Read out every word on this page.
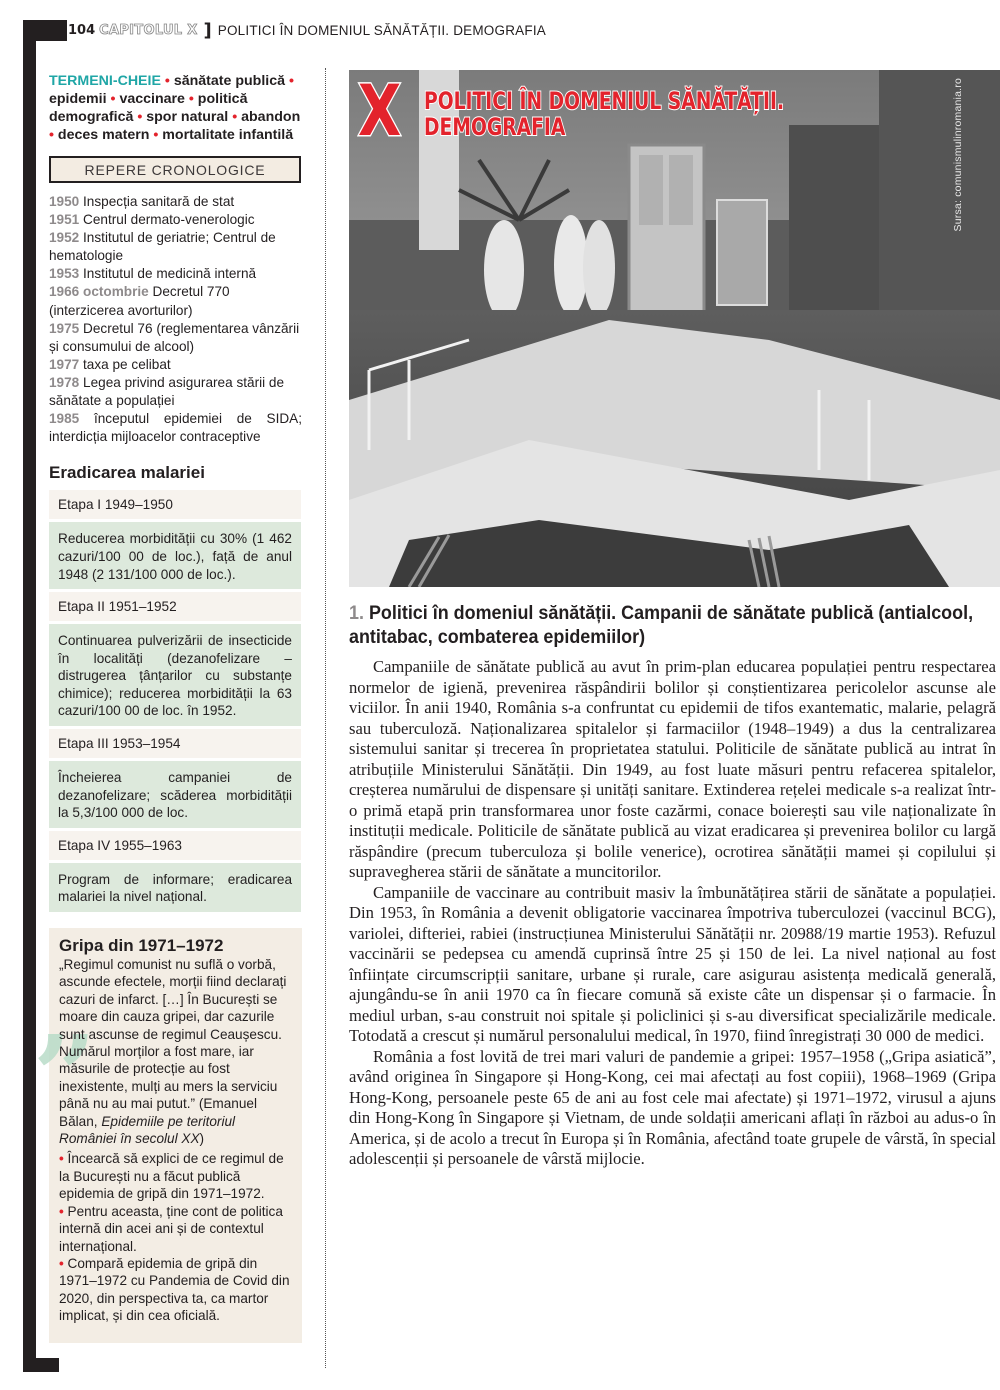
104 CAPITOLUL X ] POLITICI ÎN DOMENIUL SĂNĂTĂȚII. DEMOGRAFIA
TERMENI-CHEIE • sănătate publică • epidemii • vaccinare • politică demografică • spor natural • abandon • deces matern • mortalitate infantilă
REPERE CRONOLOGICE
1950 Inspecția sanitară de stat
1951 Centrul dermato-venerologic
1952 Institutul de geriatrie; Centrul de hematologie
1953 Institutul de medicină internă
1966 octombrie Decretul 770 (interzicerea avorturilor)
1975 Decretul 76 (reglementarea vânzării și consumului de alcool)
1977 taxa pe celibat
1978 Legea privind asigurarea stării de sănătate a populației
1985 începutul epidemiei de SIDA; interdicția mijloacelor contraceptive
Eradicarea malariei
Etapa I 1949–1950
Reducerea morbidității cu 30% (1 462 cazuri/100 00 de loc.), față de anul 1948 (2 131/100 000 de loc.).
Etapa II 1951–1952
Continuarea pulverizării de insecticide în localități (dezanofelizare – distrugerea țânțarilor cu substanțe chimice); reducerea morbidității la 63 cazuri/100 00 de loc. în 1952.
Etapa III 1953–1954
Încheierea campaniei de dezanofelizare; scăderea morbidității la 5,3/100 000 de loc.
Etapa IV 1955–1963
Program de informare; eradicarea malariei la nivel național.
„
Gripa din 1971–1972
„Regimul comunist nu suflă o vorbă, ascunde efectele, morții fiind declarați cazuri de infarct. […] În București se moare din cauza gripei, dar cazurile sunt ascunse de regimul Ceaușescu. Numărul morților a fost mare, iar măsurile de protecție au fost inexistente, mulți au mers la serviciu până nu au mai putut.” (Emanuel Bălan, Epidemiile pe teritoriul României în secolul XX)
• Încearcă să explici de ce regimul de la București nu a făcut publică epidemia de gripă din 1971–1972.
• Pentru aceasta, ține cont de politica internă din acei ani și de contextul internațional.
• Compară epidemia de gripă din 1971–1972 cu Pandemia de Covid din 2020, din perspectiva ta, ca martor implicat, și din cea oficială.
X POLITICI ÎN DOMENIUL SĂNĂTĂȚII.
DEMOGRAFIA	Sursa: comunismulinromania.ro
1. Politici în domeniul sănătății. Campanii de sănătate publică (antialcool, antitabac, combaterea epidemiilor)

Campaniile de sănătate publică au avut în prim-plan educarea populației pentru respectarea normelor de igienă, prevenirea răspândirii bolilor și conștientizarea pericolelor ascunse ale viciilor. În anii 1940, România s-a confruntat cu epidemii de tifos exantematic, malarie, pelagră sau tuberculoză. Naționalizarea spitalelor și farmaciilor (1948–1949) a dus la centralizarea sistemului sanitar și trecerea în proprietatea statului. Politicile de sănătate publică au intrat în atribuțiile Ministerului Sănătății. Din 1949, au fost luate măsuri pentru refacerea spitalelor, creșterea numărului de dispensare și unități sanitare. Extinderea rețelei medicale s-a realizat într-o primă etapă prin transformarea unor foste cazărmi, conace boierești sau vile naționalizate în instituții medicale. Politicile de sănătate publică au vizat eradicarea și prevenirea bolilor cu largă răspândire (precum tuberculoza și bolile venerice), ocrotirea sănătății mamei și copilului și supravegherea stării de sănătate a muncitorilor.

Campaniile de vaccinare au contribuit masiv la îmbunătățirea stării de sănătate a populației. Din 1953, în România a devenit obligatorie vaccinarea împotriva tuberculozei (vaccinul BCG), variolei, difteriei, rabiei (instrucțiunea Ministerului Sănătății nr. 20988/19 martie 1953). Refuzul vaccinării se pedepsea cu amendă cuprinsă între 25 și 150 de lei. La nivel național au fost înființate circumscripții sanitare, urbane și rurale, care asigurau asistența medicală generală, ajungându-se în anii 1970 ca în fiecare comună să existe câte un dispensar și o farmacie. În mediul urban, s-au construit noi spitale și policlinici și s-au diversificat specializările medicale. Totodată a crescut și numărul personalului medical, în 1970, fiind înregistrați 30 000 de medici.

România a fost lovită de trei mari valuri de pandemie a gripei: 1957–1958 („Gripa asiatică”, având originea în Singapore și Hong-Kong, cei mai afectați au fost copiii), 1968–1969 (Gripa Hong-Kong, persoanele peste 65 de ani au fost cele mai afectate) și 1971–1972, virusul a ajuns din Hong-Kong în Singapore și Vietnam, de unde soldații americani aflați în război au adus-o în America, și de acolo a trecut în Europa și în România, afectând toate grupele de vârstă, în special adolescenții și persoanele de vârstă mijlocie.
